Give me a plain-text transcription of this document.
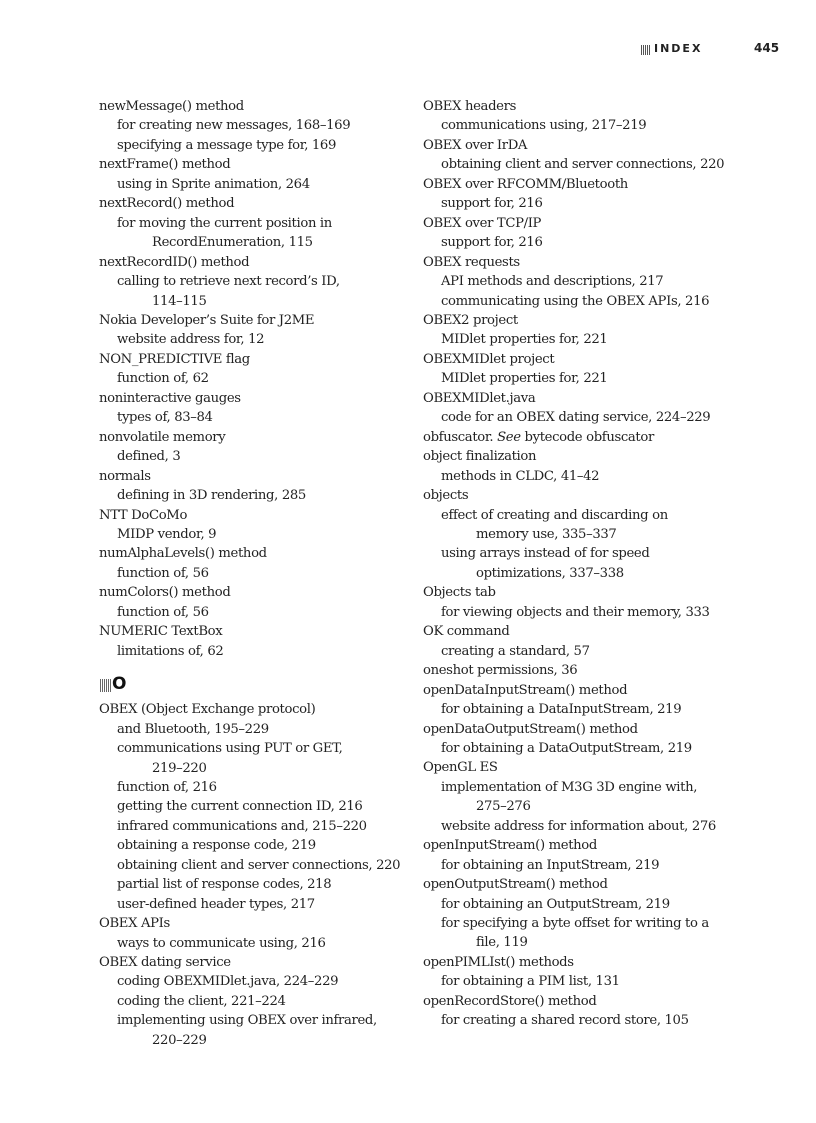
INDEX	445
newMessage() method
for creating new messages, 168–169
specifying a message type for, 169
nextFrame() method
using in Sprite animation, 264
nextRecord() method
for moving the current position in
RecordEnumeration, 115
nextRecordID() method
calling to retrieve next record’s ID,
114–115
Nokia Developer’s Suite for J2ME
website address for, 12
NON_PREDICTIVE flag
function of, 62
noninteractive gauges
types of, 83–84
nonvolatile memory
defined, 3
normals
defining in 3D rendering, 285
NTT DoCoMo
MIDP vendor, 9
numAlphaLevels() method
function of, 56
numColors() method
function of, 56
NUMERIC TextBox
limitations of, 62
O
OBEX (Object Exchange protocol)
and Bluetooth, 195–229
communications using PUT or GET,
219–220
function of, 216
getting the current connection ID, 216
infrared communications and, 215–220
obtaining a response code, 219
obtaining client and server connections, 220
partial list of response codes, 218
user-defined header types, 217
OBEX APIs
ways to communicate using, 216
OBEX dating service
coding OBEXMIDlet.java, 224–229
coding the client, 221–224
implementing using OBEX over infrared,
220–229
OBEX headers
communications using, 217–219
OBEX over IrDA
obtaining client and server connections, 220
OBEX over RFCOMM/Bluetooth
support for, 216
OBEX over TCP/IP
support for, 216
OBEX requests
API methods and descriptions, 217
communicating using the OBEX APIs, 216
OBEX2 project
MIDlet properties for, 221
OBEXMIDlet project
MIDlet properties for, 221
OBEXMIDlet.java
code for an OBEX dating service, 224–229
obfuscator. See bytecode obfuscator
object finalization
methods in CLDC, 41–42
objects
effect of creating and discarding on
memory use, 335–337
using arrays instead of for speed
optimizations, 337–338
Objects tab
for viewing objects and their memory, 333
OK command
creating a standard, 57
oneshot permissions, 36
openDataInputStream() method
for obtaining a DataInputStream, 219
openDataOutputStream() method
for obtaining a DataOutputStream, 219
OpenGL ES
implementation of M3G 3D engine with,
275–276
website address for information about, 276
openInputStream() method
for obtaining an InputStream, 219
openOutputStream() method
for obtaining an OutputStream, 219
for specifying a byte offset for writing to a
file, 119
openPIMLIst() methods
for obtaining a PIM list, 131
openRecordStore() method
for creating a shared record store, 105
